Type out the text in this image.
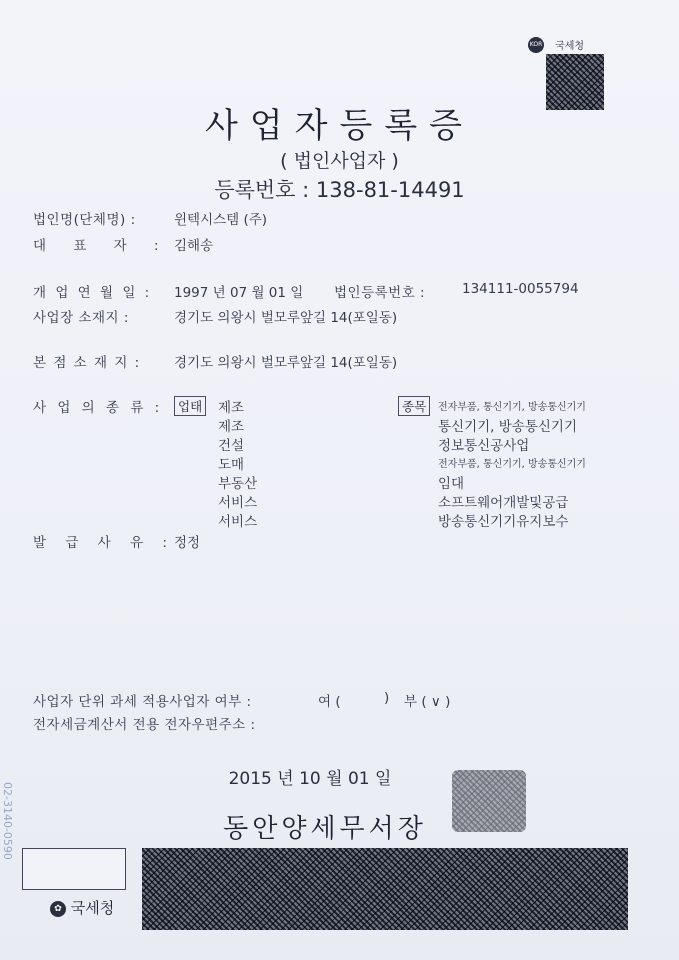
KOR 국세청
사업자등록증
( 법인사업자 )
등록번호 : 138-81-14491
법인명(단체명) :	윈텍시스템 (주)
대 표 자 : 김해송
개 업 연 월 일 : 1997 년 07 월 01 일 법인등록번호 :	134111-0055794
사업장 소재지 :	경기도 의왕시 벌모루앞길 14(포일동)
본 점 소 재 지 :	경기도 의왕시 벌모루앞길 14(포일동)
사 업 의 종 류 :	업태	종목
제조	전자부품, 통신기기, 방송통신기기
제조	통신기기, 방송통신기기
건설	정보통신공사업
도매	전자부품, 통신기기, 방송통신기기
부동산	임대
서비스	소프트웨어개발및공급
서비스	방송통신기기유지보수
발 급 사 유 : 정정
사업자 단위 과세 적용사업자 여부 :	여 (	) 부 ( ∨ )
전자세금계산서 전용 전자우편주소 :
2015 년 10 월 01 일
동안양세무서장
02-3140-0590
✿ 국세청
